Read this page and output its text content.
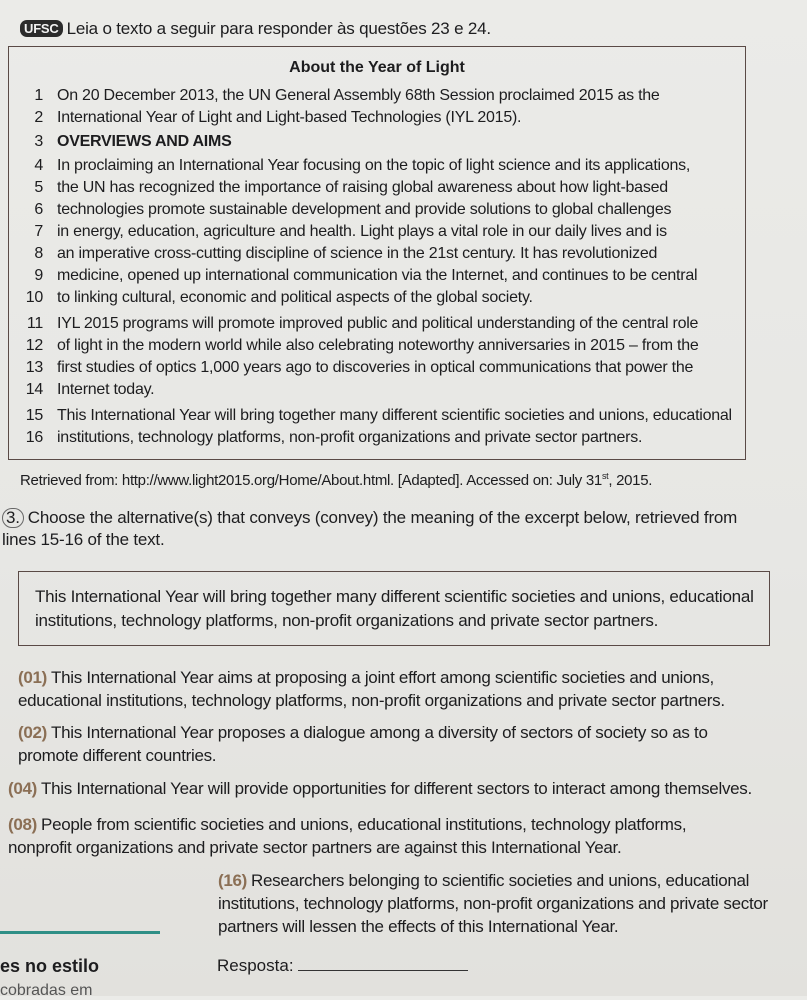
UFSC Leia o texto a seguir para responder às questões 23 e 24.
About the Year of Light
1 On 20 December 2013, the UN General Assembly 68th Session proclaimed 2015 as the
2 International Year of Light and Light-based Technologies (IYL 2015).
3 OVERVIEWS AND AIMS
4 In proclaiming an International Year focusing on the topic of light science and its applications,
5 the UN has recognized the importance of raising global awareness about how light-based
6 technologies promote sustainable development and provide solutions to global challenges
7 in energy, education, agriculture and health. Light plays a vital role in our daily lives and is
8 an imperative cross-cutting discipline of science in the 21st century. It has revolutionized
9 medicine, opened up international communication via the Internet, and continues to be central
10 to linking cultural, economic and political aspects of the global society.
11 IYL 2015 programs will promote improved public and political understanding of the central role
12 of light in the modern world while also celebrating noteworthy anniversaries in 2015 – from the
13 first studies of optics 1,000 years ago to discoveries in optical communications that power the
14 Internet today.
15 This International Year will bring together many different scientific societies and unions, educational
16 institutions, technology platforms, non-profit organizations and private sector partners.
Retrieved from: http://www.light2015.org/Home/About.html. [Adapted]. Accessed on: July 31st, 2015.
3. Choose the alternative(s) that conveys (convey) the meaning of the excerpt below, retrieved from lines 15-16 of the text.
This International Year will bring together many different scientific societies and unions, educational institutions, technology platforms, non-profit organizations and private sector partners.
(01) This International Year aims at proposing a joint effort among scientific societies and unions, educational institutions, technology platforms, non-profit organizations and private sector partners.
(02) This International Year proposes a dialogue among a diversity of sectors of society so as to promote different countries.
(04) This International Year will provide opportunities for different sectors to interact among themselves.
(08) People from scientific societies and unions, educational institutions, technology platforms, nonprofit organizations and private sector partners are against this International Year.
(16) Researchers belonging to scientific societies and unions, educational institutions, technology platforms, non-profit organizations and private sector partners will lessen the effects of this International Year.
es no estilo
cobradas em
Resposta:
